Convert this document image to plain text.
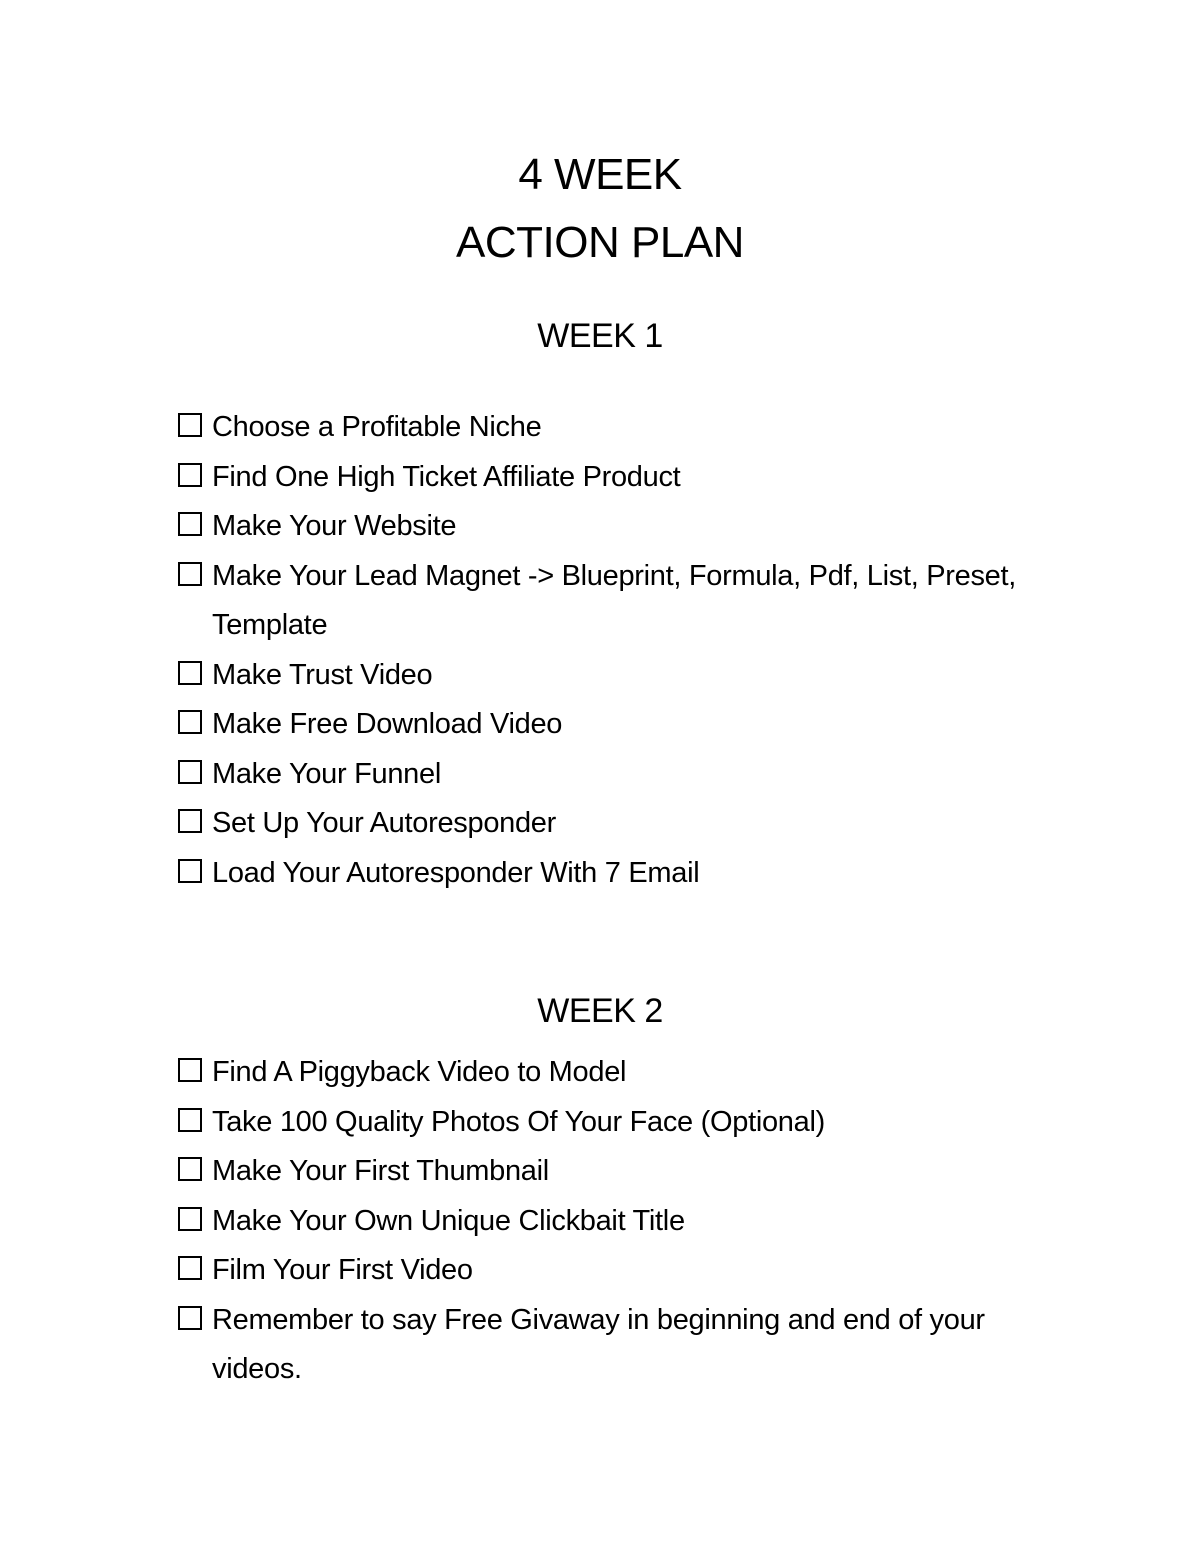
4 WEEK
ACTION PLAN
WEEK 1
Choose a Profitable Niche
Find One High Ticket Affiliate Product
Make Your Website
Make Your Lead Magnet -> Blueprint, Formula, Pdf, List, Preset, Template
Make Trust Video
Make Free Download Video
Make Your Funnel
Set Up Your Autoresponder
Load Your Autoresponder With 7 Email
WEEK 2
Find A Piggyback Video to Model
Take 100 Quality Photos Of Your Face (Optional)
Make Your First Thumbnail
Make Your Own Unique Clickbait Title
Film Your First Video
Remember to say Free Givaway in beginning and end of your videos.
